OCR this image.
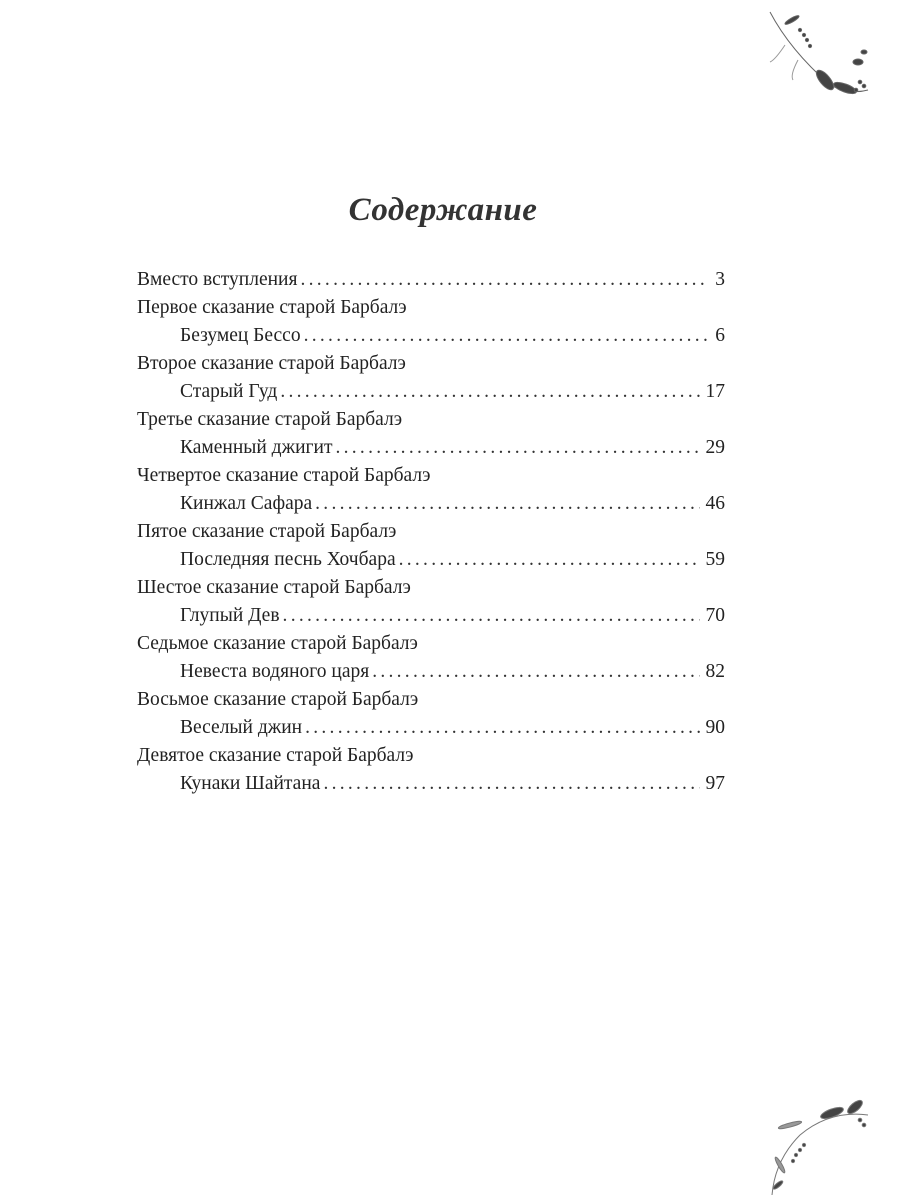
Содержание
Вместо вступления . . .	3
Первое сказание старой Барбалэ
Безумец Бессо . . .	6
Второе сказание старой Барбалэ
Старый Гуд . . .	17
Третье сказание старой Барбалэ
Каменный джигит . . .	29
Четвертое сказание старой Барбалэ
Кинжал Сафара . . .	46
Пятое сказание старой Барбалэ
Последняя песнь Хочбара . . .	59
Шестое сказание старой Барбалэ
Глупый Дев . . .	70
Седьмое сказание старой Барбалэ
Невеста водяного царя . . .	82
Восьмое сказание старой Барбалэ
Веселый джин . . .	90
Девятое сказание старой Барбалэ
Кунаки Шайтана . . .	97
